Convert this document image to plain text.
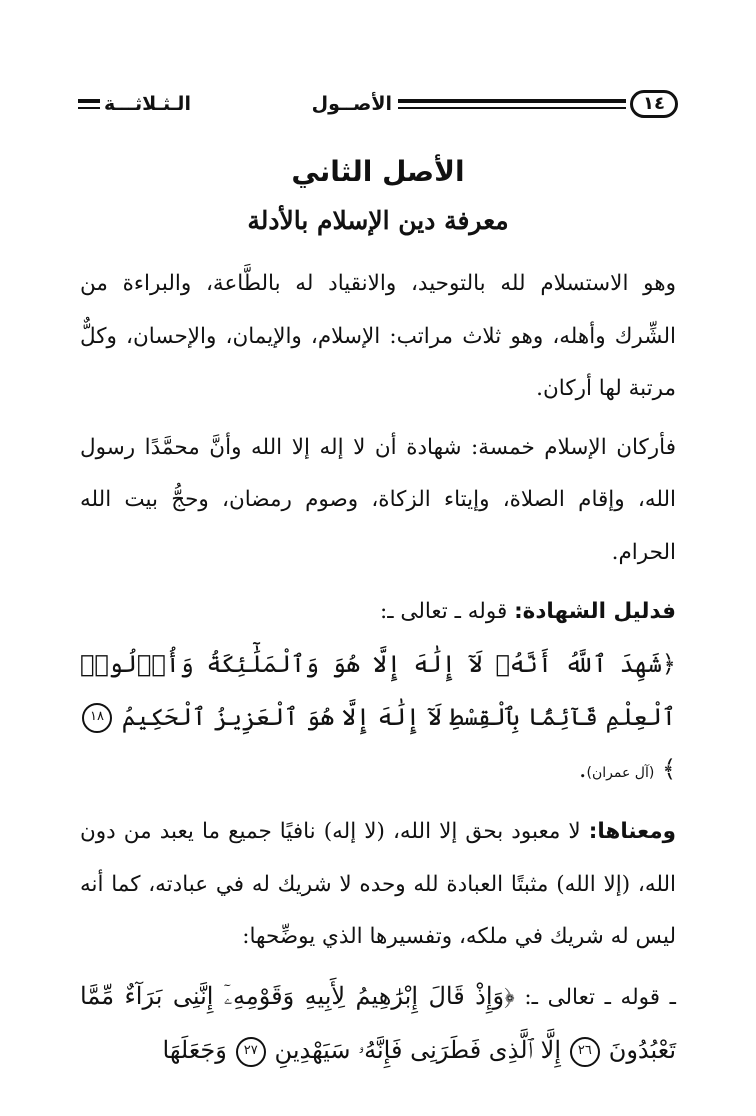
١٤
الأصــول الـثـلاثـــة
الأصل الثاني
معرفة دين الإسلام بالأدلة

وهو الاستسلام لله بالتوحيد، والانقياد له بالطَّاعة، والبراءة من الشِّرك وأهله، وهو ثلاث مراتب: الإسلام، والإيمان، والإحسان، وكلٌّ مرتبة لها أركان.

فأركان الإسلام خمسة: شهادة أن لا إله إلا الله وأنَّ محمَّدًا رسول الله، وإقام الصلاة، وإيتاء الزكاة، وصوم رمضان، وحجُّ بيت الله الحرام.

فدليل الشهادة: قوله ـ تعالى ـ:

﴿شَهِدَ ٱللَّهُ أَنَّهُۥ لَآ إِلَٰهَ إِلَّا هُوَ وَٱلْمَلَٰٓئِكَةُ وَأُو۟لُوا۟ ٱلْعِلْمِ قَآئِمًۢا بِٱلْقِسْطِ لَآ إِلَٰهَ إِلَّا هُوَ ٱلْعَزِيزُ ٱلْحَكِيمُ ١٨﴾ (آل عمران).

ومعناها: لا معبود بحق إلا الله، (لا إله) نافيًا جميع ما يعبد من دون الله، (إلا الله) مثبتًا العبادة لله وحده لا شريك له في عبادته، كما أنه ليس له شريك في ملكه، وتفسيرها الذي يوضِّحها:

ـ قوله ـ تعالى ـ: ﴿وَإِذْ قَالَ إِبْرَٰهِيمُ لِأَبِيهِ وَقَوْمِهِۦٓ إِنَّنِى بَرَآءٌ مِّمَّا تَعْبُدُونَ ٢٦ إِلَّا ٱلَّذِى فَطَرَنِى فَإِنَّهُۥ سَيَهْدِينِ ٢٧ وَجَعَلَهَا
